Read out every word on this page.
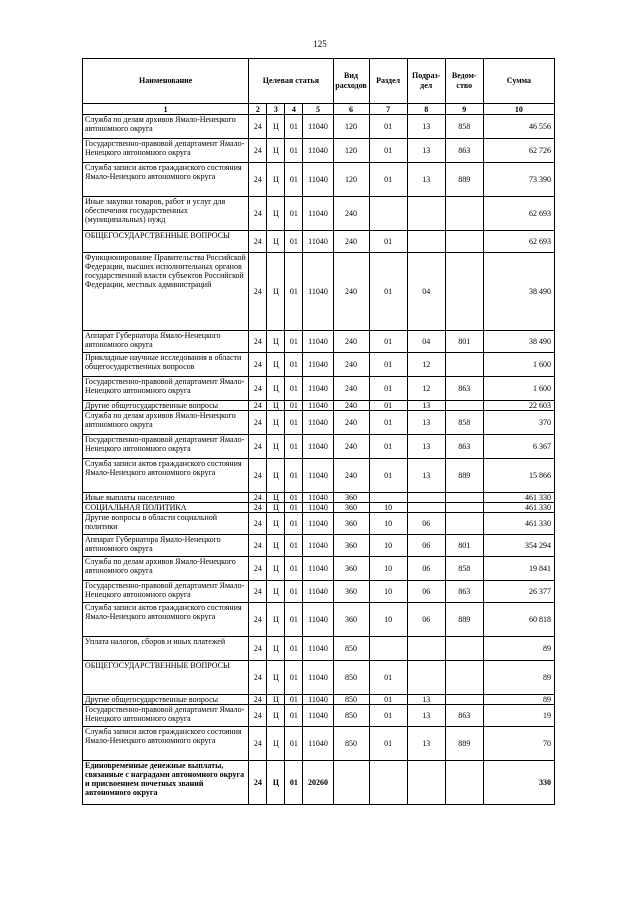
125
Наименование	Целевая статья				Вид расходов	Раздел	Подраз-дел	Ведом-ство	Сумма
1	2	3	4	5	6	7	8	9	10
Служба по делам архивов Ямало-Ненецкого автономного округа	24	Ц	01	11040	120	01	13	858	46 556
Государственно-правовой департамент Ямало-Ненецкого автономного округа	24	Ц	01	11040	120	01	13	863	62 726
Служба записи актов гражданского состояния Ямало-Ненецкого автономного округа	24	Ц	01	11040	120	01	13	889	73 390
Иные закупки товаров, работ и услуг для обеспечения государственных (муниципальных) нужд	24	Ц	01	11040	240				62 693
ОБЩЕГОСУДАРСТВЕННЫЕ ВОПРОСЫ	24	Ц	01	11040	240	01			62 693
Функционирование Правительства Российской Федерации, высших исполнительных органов государственной власти субъектов Российской Федерации, местных администраций	24	Ц	01	11040	240	01	04		38 490
Аппарат Губернатора Ямало-Ненецкого автономного округа	24	Ц	01	11040	240	01	04	801	38 490
Прикладные научные исследования в области общегосударственных вопросов	24	Ц	01	11040	240	01	12		1 600
Государственно-правовой департамент Ямало-Ненецкого автономного округа	24	Ц	01	11040	240	01	12	863	1 600
Другие общегосударственные вопросы	24	Ц	01	11040	240	01	13		22 603
Служба по делам архивов Ямало-Ненецкого автономного округа	24	Ц	01	11040	240	01	13	858	370
Государственно-правовой департамент Ямало-Ненецкого автономного округа	24	Ц	01	11040	240	01	13	863	6 367
Служба записи актов гражданского состояния Ямало-Ненецкого автономного округа	24	Ц	01	11040	240	01	13	889	15 866
Иные выплаты населению	24	Ц	01	11040	360				461 330
СОЦИАЛЬНАЯ ПОЛИТИКА	24	Ц	01	11040	360	10			461 330
Другие вопросы в области социальной политики	24	Ц	01	11040	360	10	06		461 330
Аппарат Губернатора Ямало-Ненецкого автономного округа	24	Ц	01	11040	360	10	06	801	354 294
Служба по делам архивов Ямало-Ненецкого автономного округа	24	Ц	01	11040	360	10	06	858	19 841
Государственно-правовой департамент Ямало-Ненецкого автономного округа	24	Ц	01	11040	360	10	06	863	26 377
Служба записи актов гражданского состояния Ямало-Ненецкого автономного округа	24	Ц	01	11040	360	10	06	889	60 818
Уплата налогов, сборов и иных платежей	24	Ц	01	11040	850				89
ОБЩЕГОСУДАРСТВЕННЫЕ ВОПРОСЫ	24	Ц	01	11040	850	01			89
Другие общегосударственные вопросы	24	Ц	01	11040	850	01	13		89
Государственно-правовой департамент Ямало-Ненецкого автономного округа	24	Ц	01	11040	850	01	13	863	19
Служба записи актов гражданского состояния Ямало-Ненецкого автономного округа	24	Ц	01	11040	850	01	13	889	70
Единовременные денежные выплаты, связанные с наградами автономного округа и присвоением почетных званий автономного округа	24	Ц	01	20260					330
